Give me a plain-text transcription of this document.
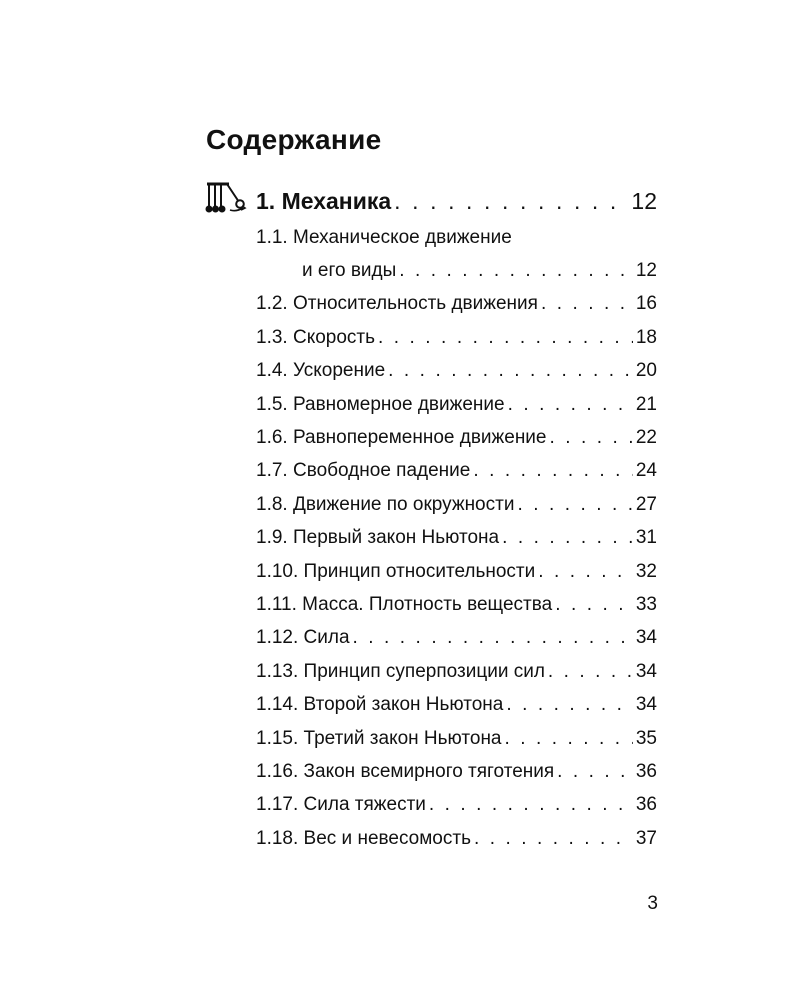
Содержание
1. Механика . . .	12
1.1. Механическое движение
и его виды . . .	12
1.2. Относительность движения . . .	16
1.3. Скорость . . .	18
1.4. Ускорение . . .	20
1.5. Равномерное движение . . .	21
1.6. Равнопеременное движение . . .	22
1.7. Свободное падение . . .	24
1.8. Движение по окружности . . .	27
1.9. Первый закон Ньютона . . .	31
1.10. Принцип относительности . . .	32
1.11. Масса. Плотность вещества . . .	33
1.12. Сила . . .	34
1.13. Принцип суперпозиции сил . . .	34
1.14. Второй закон Ньютона . . .	34
1.15. Третий закон Ньютона . . .	35
1.16. Закон всемирного тяготения . . .	36
1.17. Сила тяжести . . .	36
1.18. Вес и невесомость . . .	37
3
